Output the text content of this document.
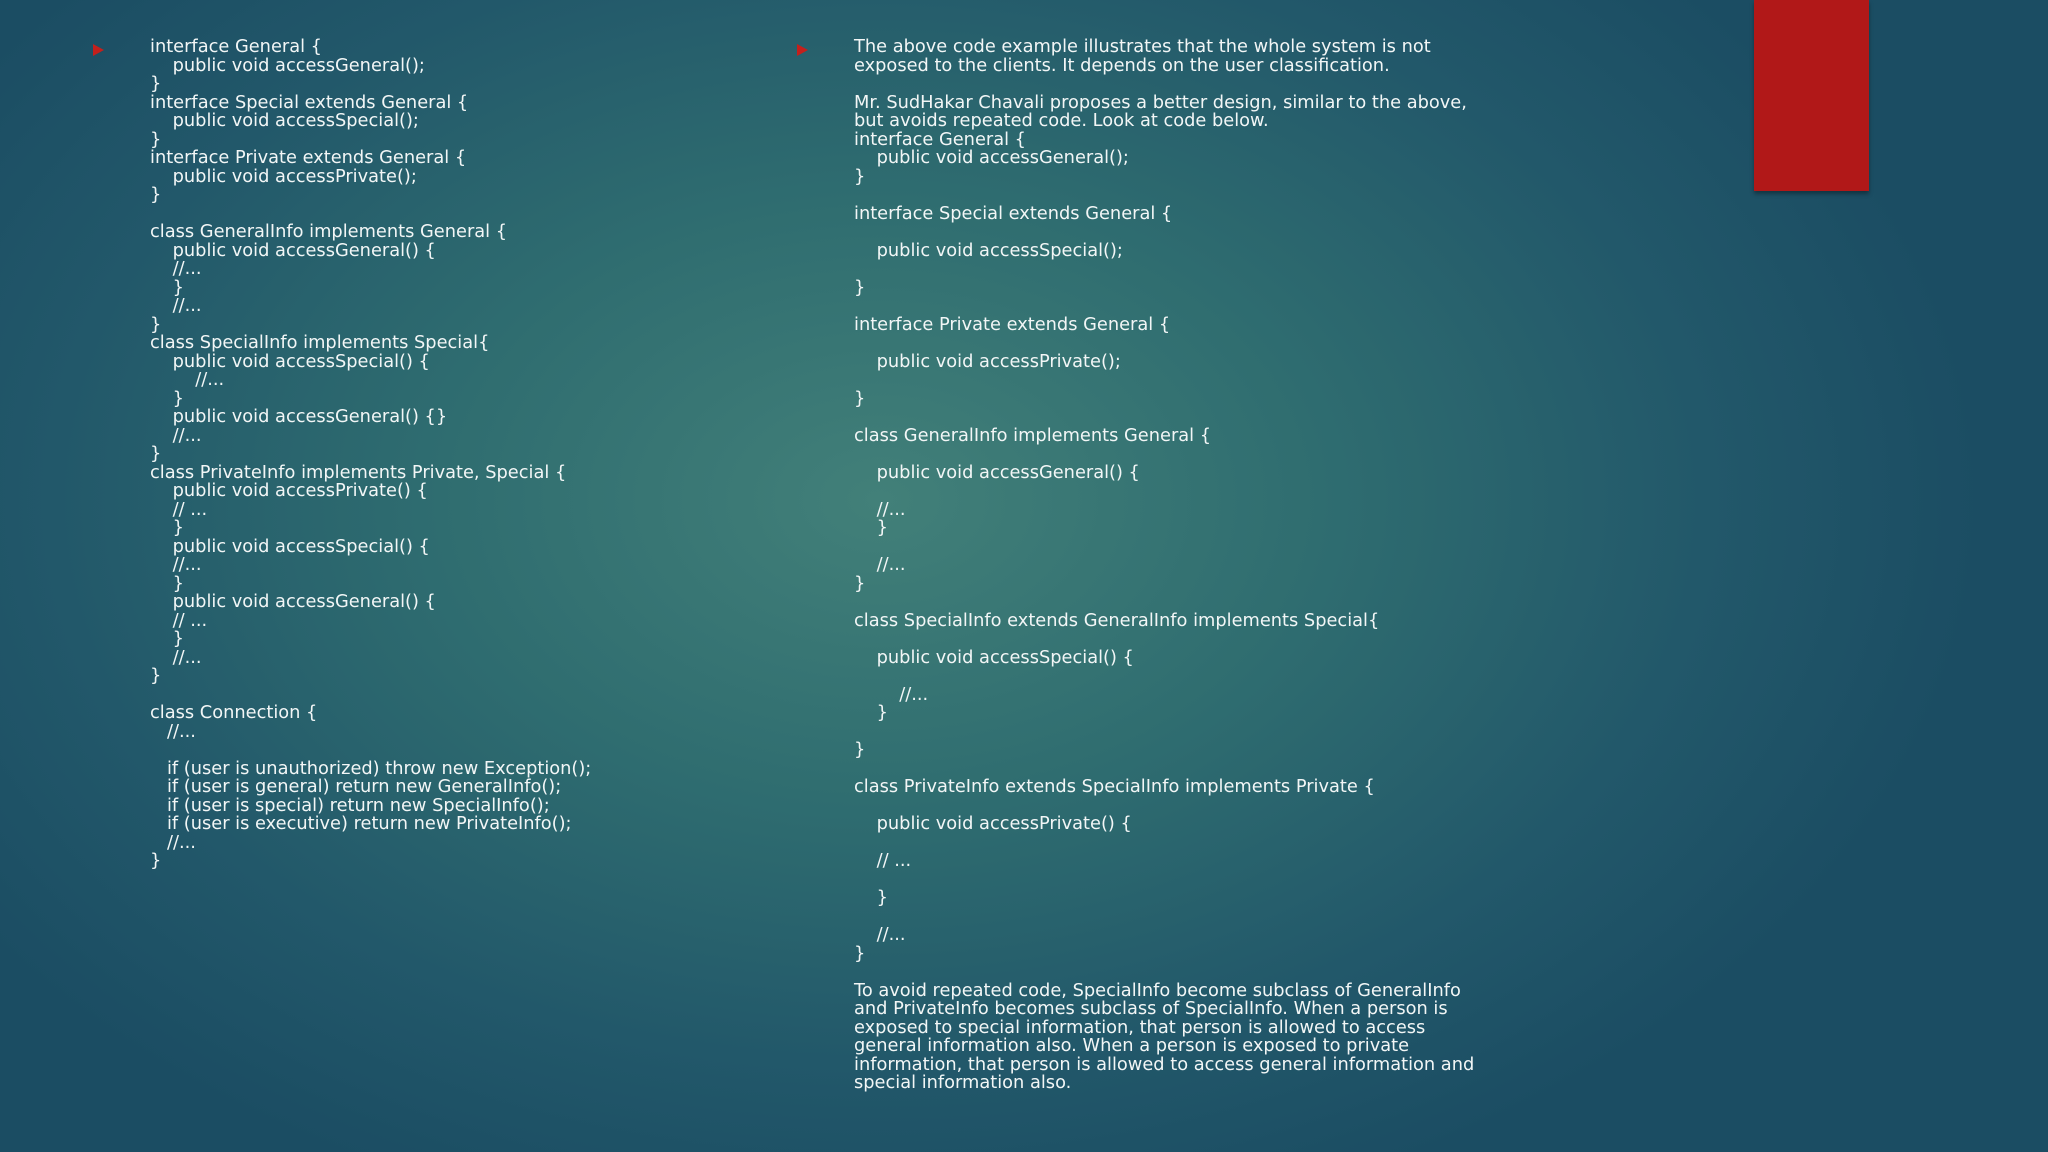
interface General {
public void accessGeneral();
}
interface Special extends General {
public void accessSpecial();
}
interface Private extends General {
public void accessPrivate();
}
class GeneralInfo implements General {
public void accessGeneral() {
//...
}
//...
}
class SpecialInfo implements Special{
public void accessSpecial() {
//...
}
public void accessGeneral() {}
//...
}
class PrivateInfo implements Private, Special {
public void accessPrivate() {
// ...
}
public void accessSpecial() {
//...
}
public void accessGeneral() {
// ...
}
//...
}
class Connection {
//...
if (user is unauthorized) throw new Exception();
if (user is general) return new GeneralInfo();
if (user is special) return new SpecialInfo();
if (user is executive) return new PrivateInfo();
//...
}
The above code example illustrates that the whole system is not
exposed to the clients. It depends on the user classification.
Mr. SudHakar Chavali proposes a better design, similar to the above,
but avoids repeated code. Look at code below.
interface General {
public void accessGeneral();
}
interface Special extends General {
public void accessSpecial();
}
interface Private extends General {
public void accessPrivate();
}
class GeneralInfo implements General {
public void accessGeneral() {
//...
}
//...
}
class SpecialInfo extends GeneralInfo implements Special{
public void accessSpecial() {
//...
}
}
class PrivateInfo extends SpecialInfo implements Private {
public void accessPrivate() {
// ...
}
//...
}
To avoid repeated code, SpecialInfo become subclass of GeneralInfo
and PrivateInfo becomes subclass of SpecialInfo. When a person is
exposed to special information, that person is allowed to access
general information also. When a person is exposed to private
information, that person is allowed to access general information and
special information also.
